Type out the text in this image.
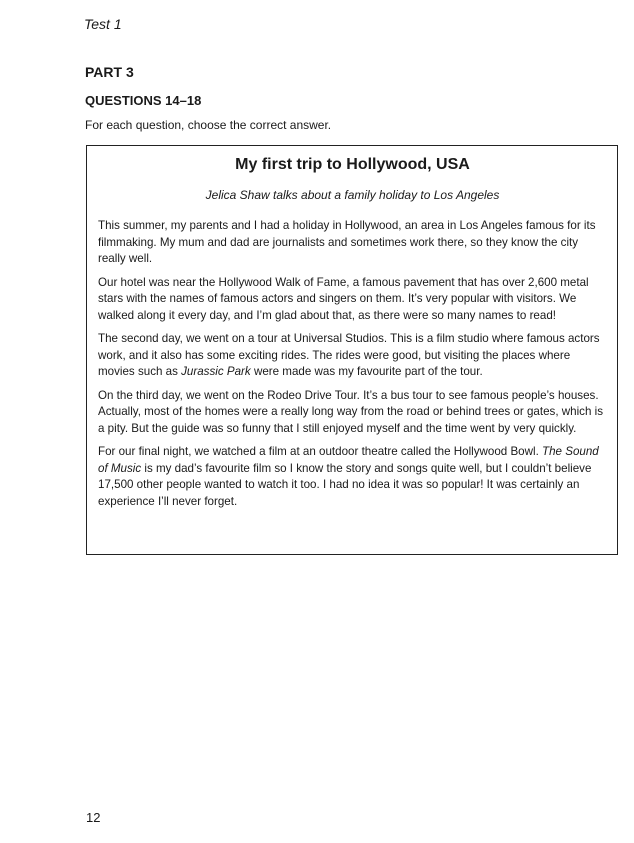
Test 1
PART 3
QUESTIONS 14–18
For each question, choose the correct answer.
My first trip to Hollywood, USA
Jelica Shaw talks about a family holiday to Los Angeles

This summer, my parents and I had a holiday in Hollywood, an area in Los Angeles famous for its filmmaking. My mum and dad are journalists and sometimes work there, so they know the city really well.

Our hotel was near the Hollywood Walk of Fame, a famous pavement that has over 2,600 metal stars with the names of famous actors and singers on them. It’s very popular with visitors. We walked along it every day, and I’m glad about that, as there were so many names to read!

The second day, we went on a tour at Universal Studios. This is a film studio where famous actors work, and it also has some exciting rides. The rides were good, but visiting the places where movies such as Jurassic Park were made was my favourite part of the tour.

On the third day, we went on the Rodeo Drive Tour. It’s a bus tour to see famous people’s houses. Actually, most of the homes were a really long way from the road or behind trees or gates, which is a pity. But the guide was so funny that I still enjoyed myself and the time went by very quickly.

For our final night, we watched a film at an outdoor theatre called the Hollywood Bowl. The Sound of Music is my dad’s favourite film so I know the story and songs quite well, but I couldn’t believe 17,500 other people wanted to watch it too. I had no idea it was so popular! It was certainly an experience I’ll never forget.

12
